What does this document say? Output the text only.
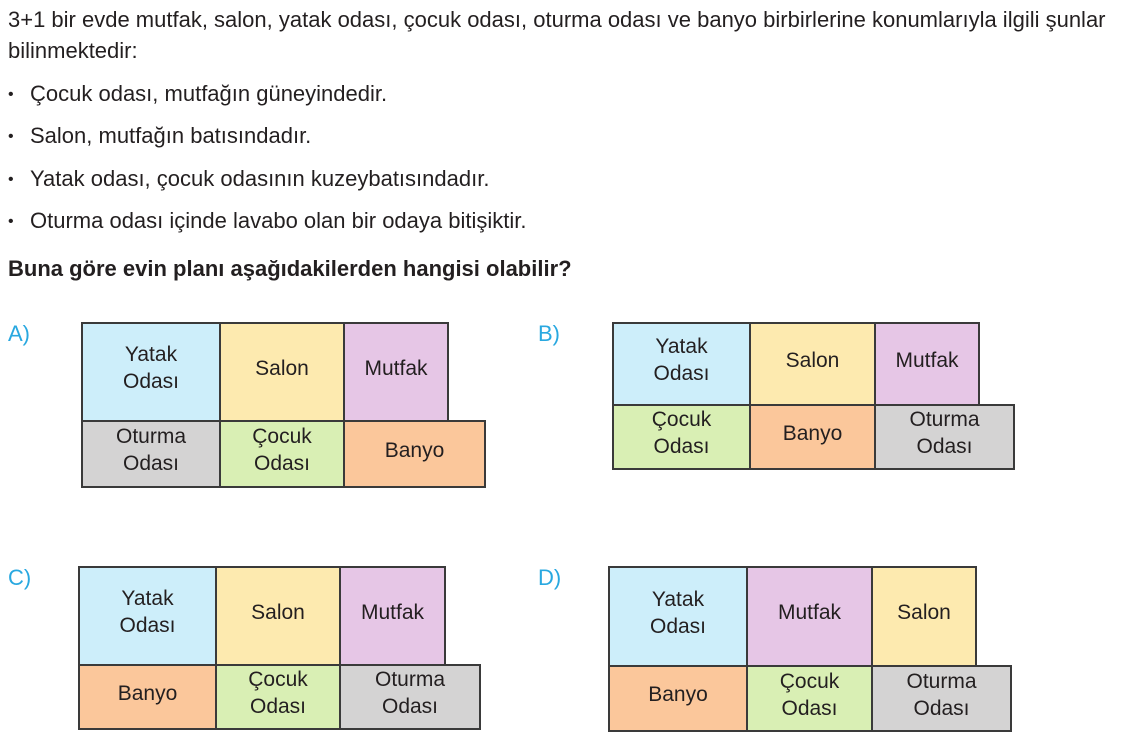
3+1 bir evde mutfak, salon, yatak odası, çocuk odası, oturma odası ve banyo birbirlerine konumlarıyla ilgili şunlar bilinmektedir:
• Çocuk odası, mutfağın güneyindedir.
• Salon, mutfağın batısındadır.
• Yatak odası, çocuk odasının kuzeybatısındadır.
• Oturma odası içinde lavabo olan bir odaya bitişiktir.
Buna göre evin planı aşağıdakilerden hangisi olabilir?
A)
Yatak Odası
Salon	Mutfak
Oturma Odası
Çocuk Odası
Banyo
B)
Yatak Odası
Salon	Mutfak
Çocuk Odası
Banyo
Oturma Odası
C)
Yatak Odası
Salon	Mutfak
Banyo
Çocuk Odası
Oturma Odası
D)
Yatak Odası
Mutfak	Salon
Banyo
Çocuk Odası
Oturma Odası
